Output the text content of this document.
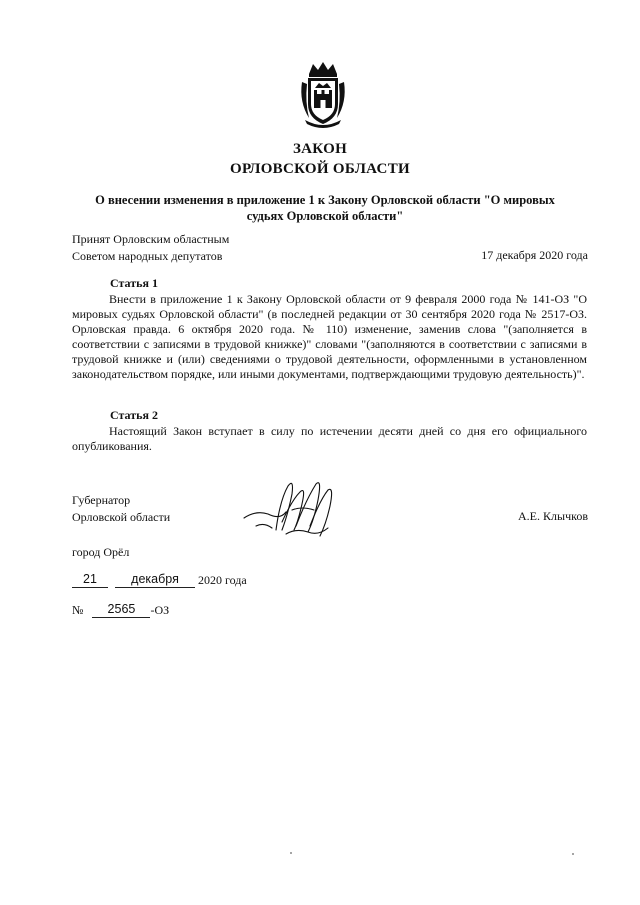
ЗАКОН
ОРЛОВСКОЙ ОБЛАСТИ
О внесении изменения в приложение 1 к Закону Орловской области "О мировых судьях Орловской области"
Принят Орловским областным
Советом народных депутатов	17 декабря 2020 года
Статья 1
Внести в приложение 1 к Закону Орловской области от 9 февраля 2000 года № 141-ОЗ "О мировых судьях Орловской области" (в последней редакции от 30 сентября 2020 года № 2517-ОЗ. Орловская правда. 6 октября 2020 года. № 110) изменение, заменив слова "(заполняется в соответствии с записями в трудовой книжке)" словами "(заполняются в соответствии с записями в трудовой книжке и (или) сведениями о трудовой деятельности, оформленными в установленном законодательством порядке, или иными документами, подтверждающими трудовую деятельность)".
Статья 2
Настоящий Закон вступает в силу по истечении десяти дней со дня его официального опубликования.
Губернатор
Орловской области	А.Е. Клычков
город Орёл
21	декабря 2020 года
№ 2565 -ОЗ
